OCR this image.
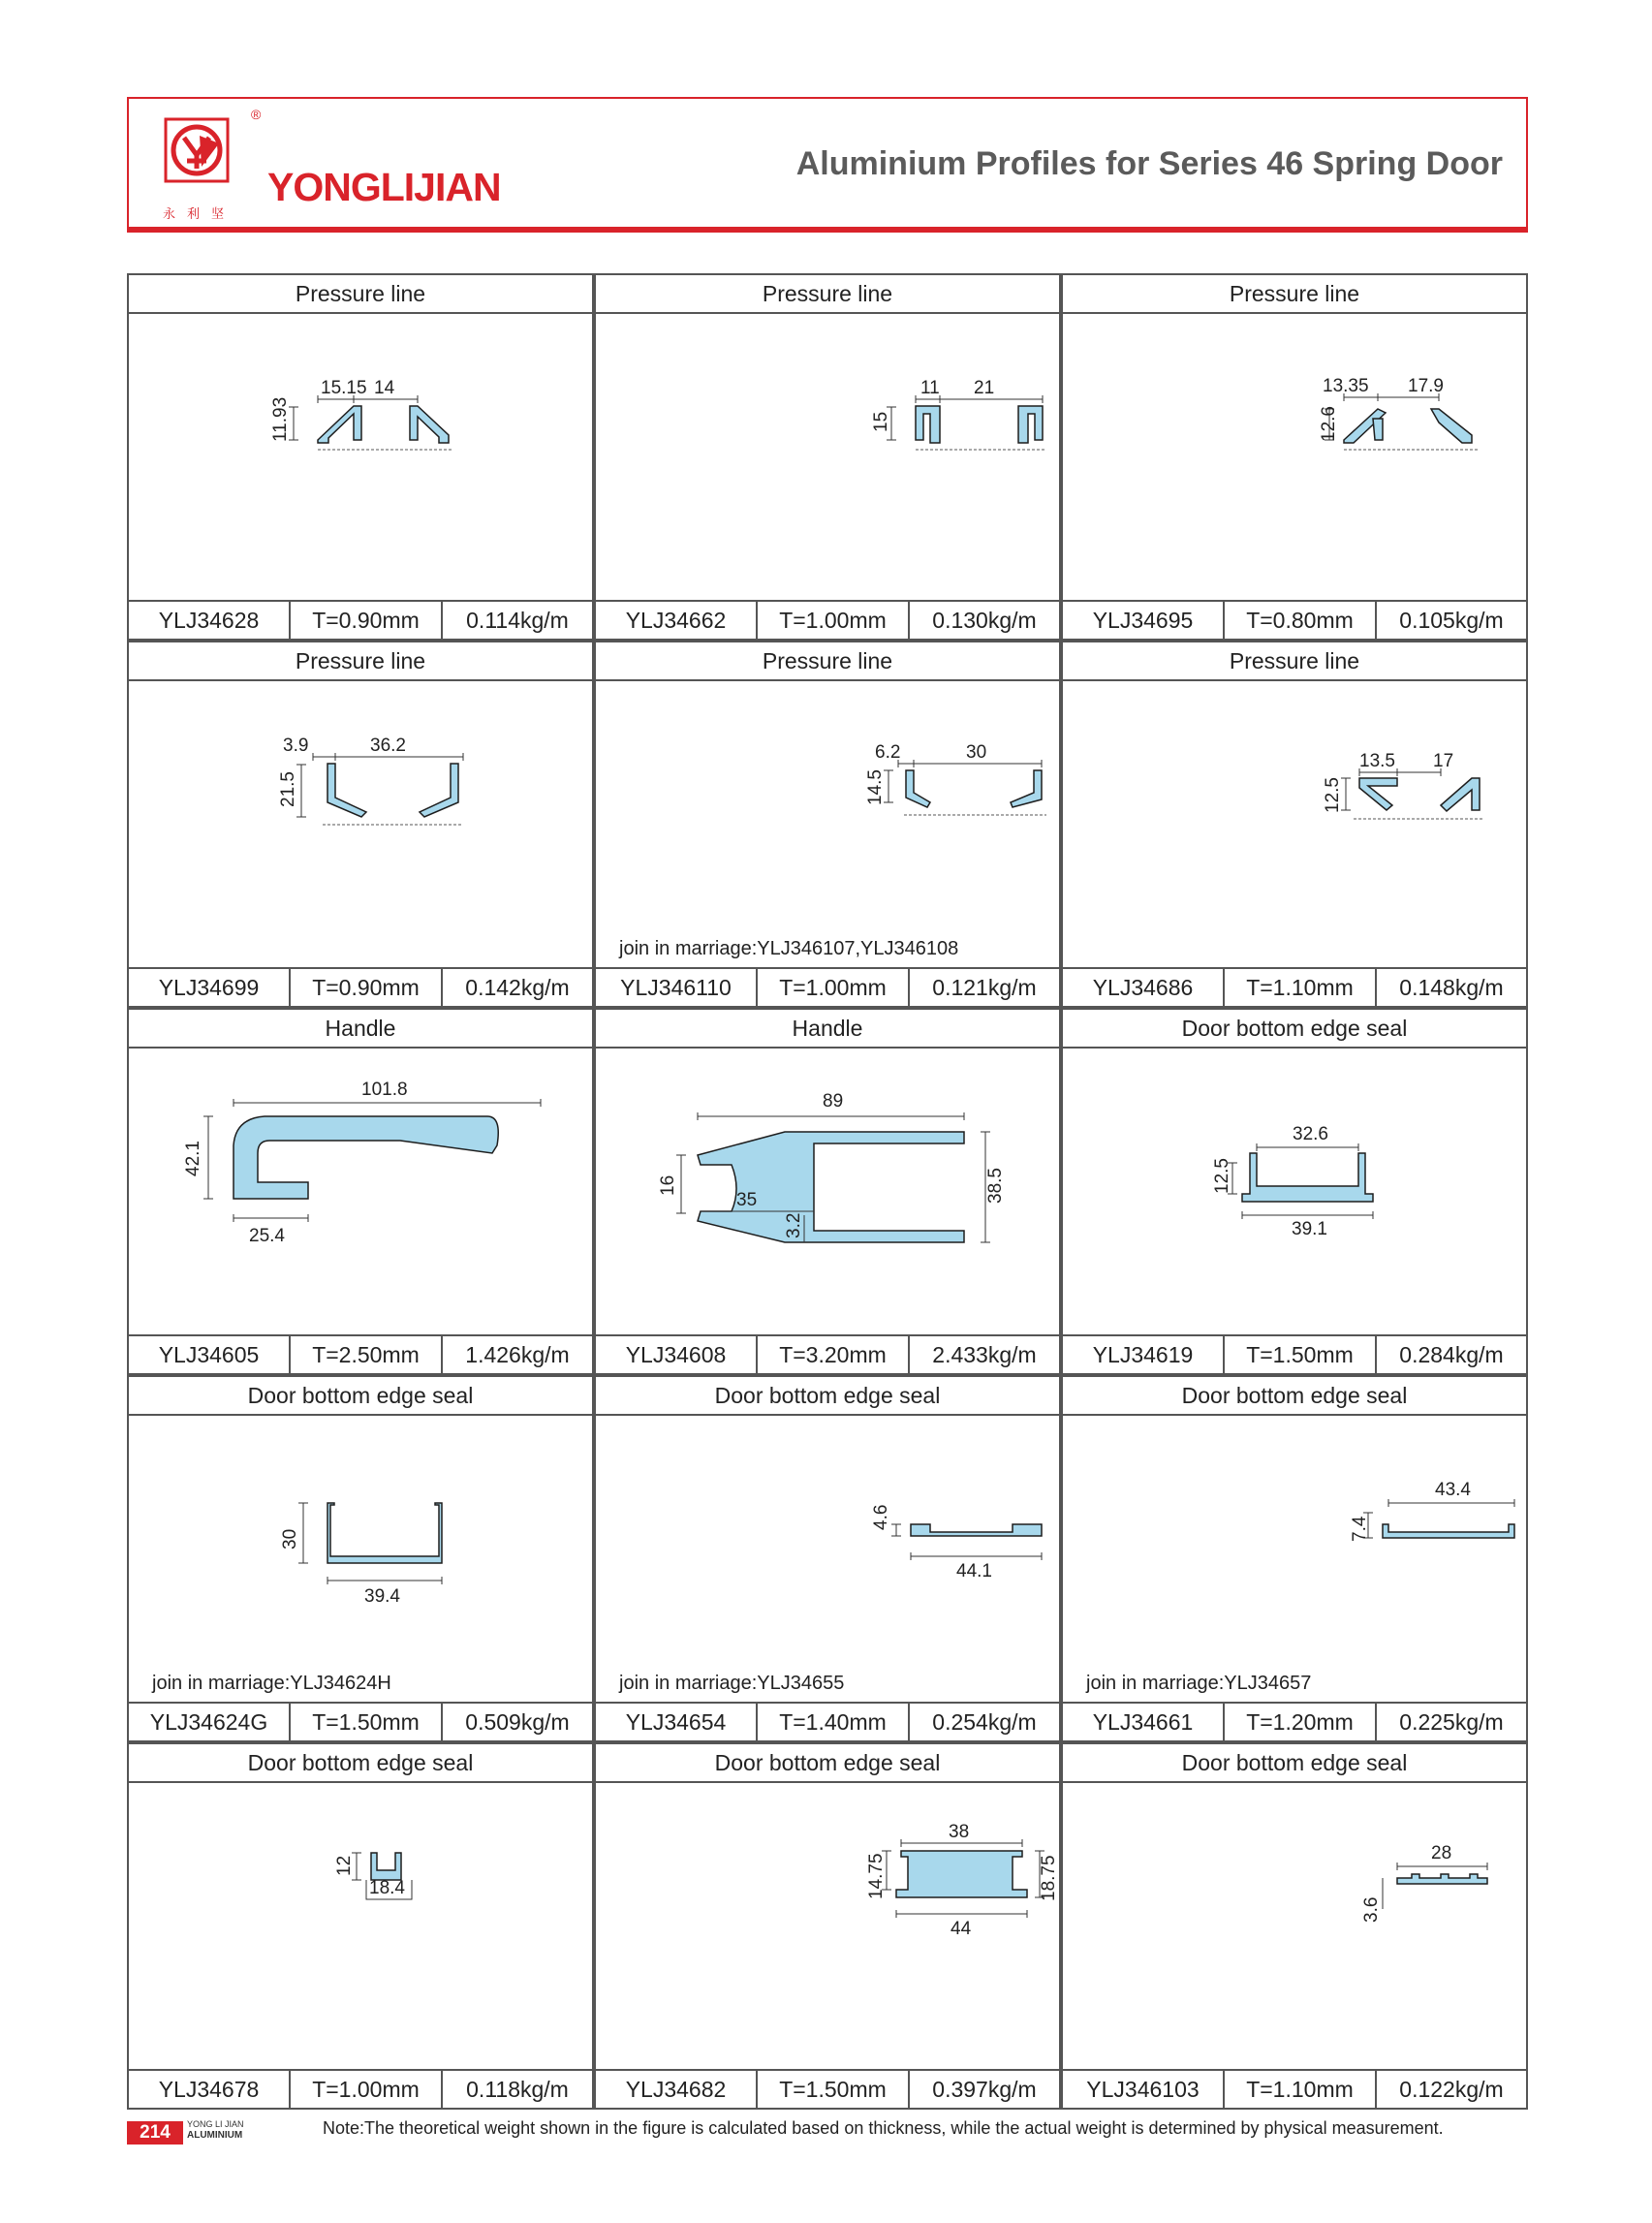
®
永利坚
YONGLIJIAN
Aluminium Profiles for Series 46 Spring Door
Pressure line
15.15 14
11.93
YLJ34628	T=0.90mm	0.114kg/m
Pressure line
11 21
15
YLJ34662	T=1.00mm	0.130kg/m
Pressure line
13.35 17.9
12.6
YLJ34695	T=0.80mm	0.105kg/m
Pressure line
3.9	36.2
21.5
YLJ34699	T=0.90mm	0.142kg/m
Pressure line
6.2	30
14.5
join in marriage:YLJ346107,YLJ346108
YLJ346110	T=1.00mm	0.121kg/m
Pressure line
13.5 17
12.5
YLJ34686	T=1.10mm	0.148kg/m
Handle
101.8
42.1
25.4
YLJ34605	T=2.50mm	1.426kg/m
Handle
89
16
35
3.2
38.5
YLJ34608	T=3.20mm	2.433kg/m
Door bottom edge seal
32.6
12.5
39.1
YLJ34619	T=1.50mm	0.284kg/m
Door bottom edge seal
30
39.4
join in marriage:YLJ34624H
YLJ34624G	T=1.50mm	0.509kg/m
Door bottom edge seal
4.6
44.1
join in marriage:YLJ34655
YLJ34654	T=1.40mm	0.254kg/m
Door bottom edge seal
43.4
7.4
join in marriage:YLJ34657
YLJ34661	T=1.20mm	0.225kg/m
Door bottom edge seal
12
18.4
YLJ34678	T=1.00mm	0.118kg/m
Door bottom edge seal
38
14.75	18.75
44
YLJ34682	T=1.50mm	0.397kg/m
Door bottom edge seal
28
3.6
YLJ346103	T=1.10mm	0.122kg/m
214	YONG LI JIAN
ALUMINIUM	Note:The theoretical weight shown in the figure is calculated based on thickness, while the actual weight is determined by physical measurement.
